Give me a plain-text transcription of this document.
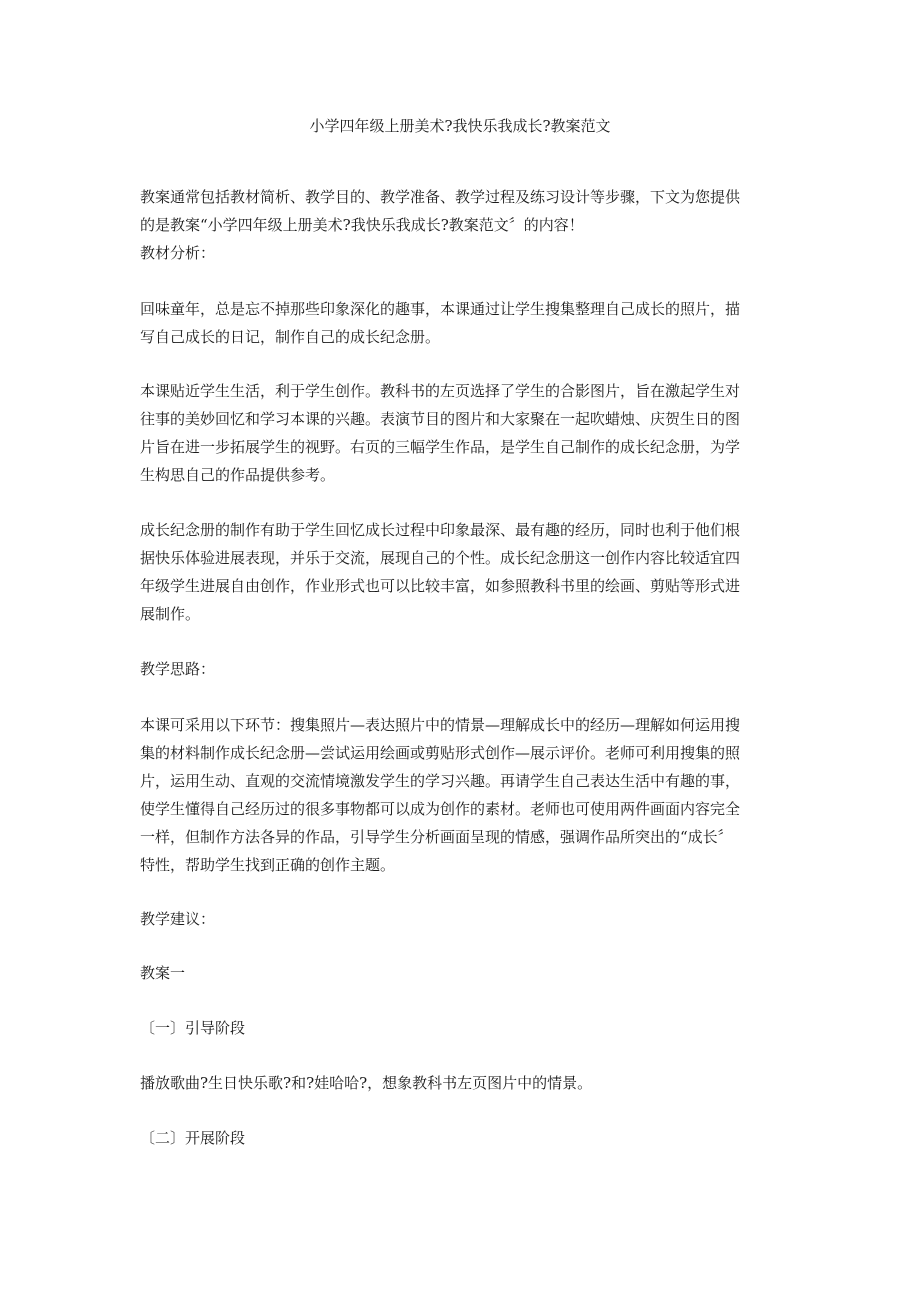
小学四年级上册美术?我快乐我成长?教案范文
教案通常包括教材简析、教学目的、教学准备、教学过程及练习设计等步骤，下文为您提供
的是教案“小学四年级上册美术?我快乐我成长?教案范文〞的内容！
教材分析：
回味童年，总是忘不掉那些印象深化的趣事，本课通过让学生搜集整理自己成长的照片，描
写自己成长的日记，制作自己的成长纪念册。
本课贴近学生生活，利于学生创作。教科书的左页选择了学生的合影图片，旨在激起学生对
往事的美妙回忆和学习本课的兴趣。表演节目的图片和大家聚在一起吹蜡烛、庆贺生日的图
片旨在进一步拓展学生的视野。右页的三幅学生作品，是学生自己制作的成长纪念册，为学
生构思自己的作品提供参考。
成长纪念册的制作有助于学生回忆成长过程中印象最深、最有趣的经历，同时也利于他们根
据快乐体验进展表现，并乐于交流，展现自己的个性。成长纪念册这一创作内容比较适宜四
年级学生进展自由创作，作业形式也可以比较丰富，如参照教科书里的绘画、剪贴等形式进
展制作。
教学思路：
本课可采用以下环节：搜集照片—表达照片中的情景—理解成长中的经历—理解如何运用搜
集的材料制作成长纪念册—尝试运用绘画或剪贴形式创作—展示评价。老师可利用搜集的照
片，运用生动、直观的交流情境激发学生的学习兴趣。再请学生自己表达生活中有趣的事，
使学生懂得自己经历过的很多事物都可以成为创作的素材。老师也可使用两件画面内容完全
一样，但制作方法各异的作品，引导学生分析画面呈现的情感，强调作品所突出的“成长〞
特性，帮助学生找到正确的创作主题。
教学建议：
教案一
〔一〕引导阶段
播放歌曲?生日快乐歌?和?娃哈哈?，想象教科书左页图片中的情景。
〔二〕开展阶段
